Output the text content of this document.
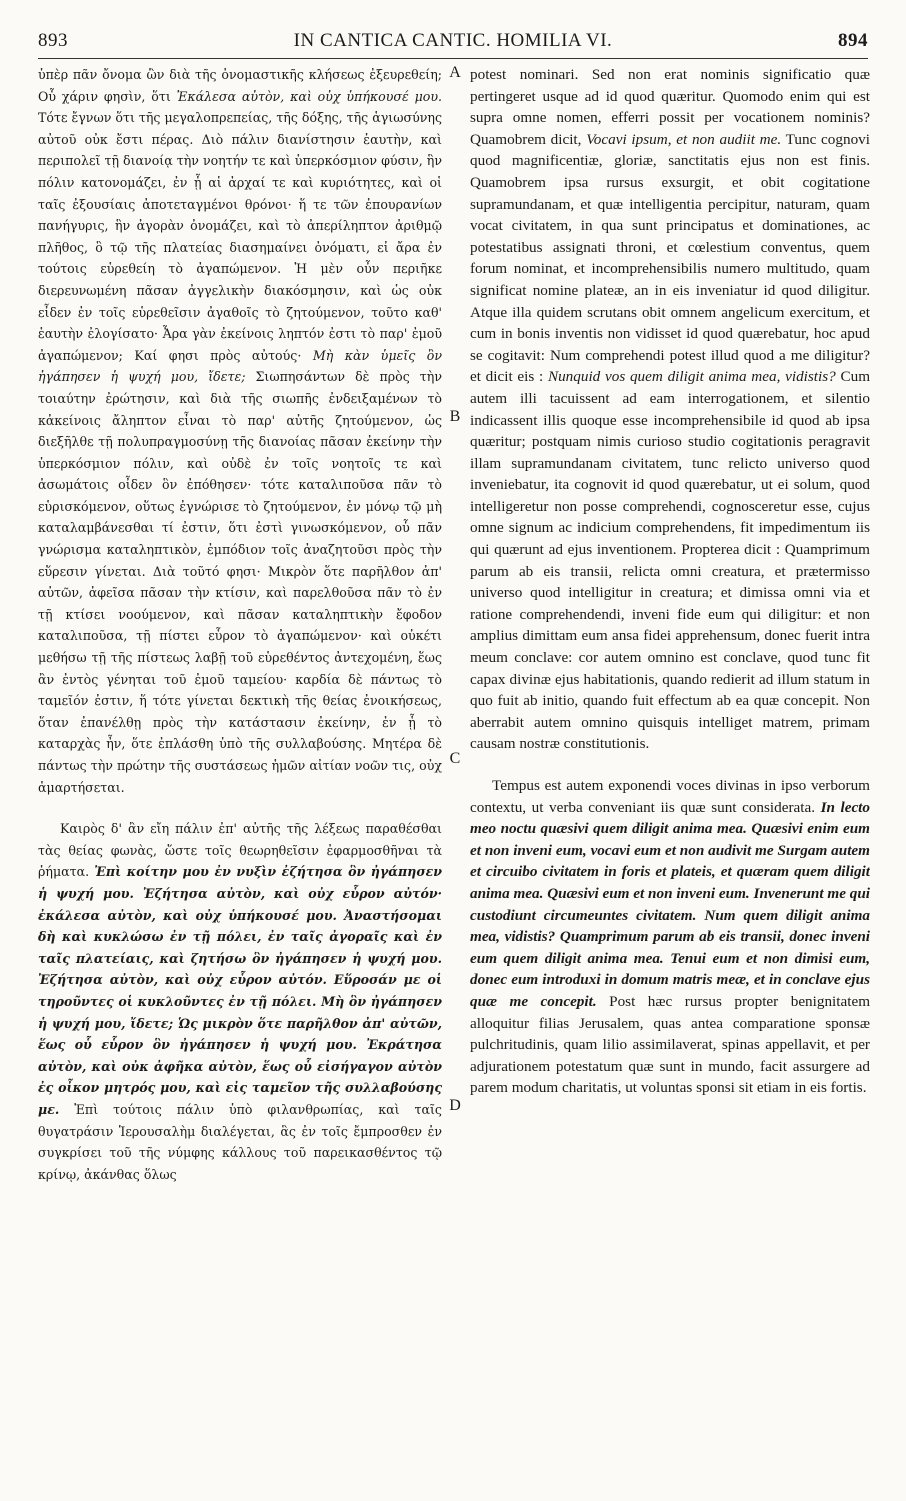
893	IN CANTICA CANTIC. HOMILIA VI.	894

ὑπὲρ πᾶν ὄνομα ὢν διὰ τῆς ὀνομαστικῆς κλήσεως ἐξευρεθείη; Οὗ χάριν φησὶν, ὅτι Ἐκάλεσα αὐτὸν, καὶ οὐχ ὑπήκουσέ μου. Τότε ἔγνων ὅτι τῆς μεγαλοπρεπείας, τῆς δόξης, τῆς ἁγιωσύνης αὐτοῦ οὐκ ἔστι πέρας. Διὸ πάλιν διανίστησιν ἑαυτὴν, καὶ περιπολεῖ τῇ διανοίᾳ τὴν νοητήν τε καὶ ὑπερκόσμιον φύσιν, ἣν πόλιν κατονομάζει, ἐν ᾗ αἱ ἀρχαί τε καὶ κυριότητες, καὶ οἱ ταῖς ἐξουσίαις ἀποτεταγμένοι θρόνοι· ἥ τε τῶν ἐπουρανίων πανήγυρις, ἣν ἀγορὰν ὀνομάζει, καὶ τὸ ἀπερίληπτον ἀριθμῷ πλῆθος, ὃ τῷ τῆς πλατείας διασημαίνει ὀνόματι, εἰ ἄρα ἐν τούτοις εὑρεθείη τὸ ἀγαπώμενον. Ἡ μὲν οὖν περιῆκε διερευνωμένη πᾶσαν ἀγγελικὴν διακόσμησιν, καὶ ὡς οὐκ εἶδεν ἐν τοῖς εὑρεθεῖσιν ἀγαθοῖς τὸ ζητούμενον, τοῦτο καθ' ἑαυτὴν ἐλογίσατο· Ἆρα γὰν ἐκείνοις ληπτόν ἐστι τὸ παρ' ἐμοῦ ἀγαπώμενον; Καί φησι πρὸς αὐτούς· Μὴ κὰν ὑμεῖς ὃν ἠγάπησεν ἡ ψυχή μου, ἴδετε; Σιωπησάντων δὲ πρὸς τὴν τοιαύτην ἐρώτησιν, καὶ διὰ τῆς σιωπῆς ἐνδειξαμένων τὸ κἀκείνοις ἄληπτον εἶναι τὸ παρ' αὐτῆς ζητούμενον, ὡς διεξῆλθε τῇ πολυπραγμοσύνῃ τῆς διανοίας πᾶσαν ἐκείνην τὴν ὑπερκόσμιον πόλιν, καὶ οὐδὲ ἐν τοῖς νοητοῖς τε καὶ ἀσωμάτοις οἶδεν ὃν ἐπόθησεν· τότε καταλιποῦσα πᾶν τὸ εὑρισκόμενον, οὕτως ἐγνώρισε τὸ ζητούμενον, ἐν μόνῳ τῷ μὴ καταλαμβάνεσθαι τί ἐστιν, ὅτι ἐστὶ γινωσκόμενον, οὗ πᾶν γνώρισμα καταληπτικὸν, ἐμπόδιον τοῖς ἀναζητοῦσι πρὸς τὴν εὕρεσιν γίνεται. Διὰ τοῦτό φησι· Μικρὸν ὅτε παρῆλθον ἀπ' αὐτῶν, ἀφεῖσα πᾶσαν τὴν κτίσιν, καὶ παρελθοῦσα πᾶν τὸ ἐν τῇ κτίσει νοούμενον, καὶ πᾶσαν καταληπτικὴν ἔφοδον καταλιποῦσα, τῇ πίστει εὗρον τὸ ἀγαπώμενον· καὶ οὐκέτι μεθήσω τῇ τῆς πίστεως λαβῇ τοῦ εὑρεθέντος ἀντεχομένη, ἕως ἂν ἐντὸς γένηται τοῦ ἐμοῦ ταμείου· καρδία δὲ πάντως τὸ ταμεῖόν ἐστιν, ἥ τότε γίνεται δεκτικὴ τῆς θείας ἐνοικήσεως, ὅταν ἐπανέλθῃ πρὸς τὴν κατάστασιν ἐκείνην, ἐν ᾗ τὸ καταρχὰς ἦν, ὅτε ἐπλάσθη ὑπὸ τῆς συλλαβούσης. Μητέρα δὲ πάντως τὴν πρώτην τῆς συστάσεως ἡμῶν αἰτίαν νοῶν τις, οὐχ ἁμαρτήσεται.

Καιρὸς δ' ἂν εἴη πάλιν ἐπ' αὐτῆς τῆς λέξεως παραθέσθαι τὰς θείας φωνὰς, ὥστε τοῖς θεωρηθεῖσιν ἐφαρμοσθῆναι τὰ ῥήματα. Ἐπὶ κοίτην μου ἐν νυξὶν ἐζήτησα ὃν ἠγάπησεν ἡ ψυχή μου. Ἐζήτησα αὐτὸν, καὶ οὐχ εὗρον αὐτόν· ἐκάλεσα αὐτὸν, καὶ οὐχ ὑπήκουσέ μου. Ἀναστήσομαι δὴ καὶ κυκλώσω ἐν τῇ πόλει, ἐν ταῖς ἀγοραῖς καὶ ἐν ταῖς πλατείαις, καὶ ζητήσω ὃν ἠγάπησεν ἡ ψυχή μου. Ἐζήτησα αὐτὸν, καὶ οὐχ εὗρον αὐτόν. Εὕροσάν με οἱ τηροῦντες οἱ κυκλοῦντες ἐν τῇ πόλει. Μὴ ὃν ἠγάπησεν ἡ ψυχή μου, ἴδετε; Ὡς μικρὸν ὅτε παρῆλθον ἀπ' αὐτῶν, ἕως οὗ εὗρον ὃν ἠγάπησεν ἡ ψυχή μου. Ἐκράτησα αὐτὸν, καὶ οὐκ ἀφῆκα αὐτὸν, ἕως οὗ εἰσήγαγον αὐτὸν ἐς οἶκον μητρός μου, καὶ εἰς ταμεῖον τῆς συλλαβούσης με. Ἐπὶ τούτοις πάλιν ὑπὸ φιλανθρωπίας, καὶ ταῖς θυγατράσιν Ἱερουσαλὴμ διαλέγεται, ἃς ἐν τοῖς ἔμπροσθεν ἐν συγκρίσει τοῦ τῆς νύμφης κάλλους τοῦ παρεικασθέντος τῷ κρίνῳ, ἀκάνθας ὅλως

A
B
C
D

potest nominari. Sed non erat nominis significatio quæ pertingeret usque ad id quod quæritur. Quomodo enim qui est supra omne nomen, efferri possit per vocationem nominis? Quamobrem dicit, Vocavi ipsum, et non audiit me. Tunc cognovi quod magnificentiæ, gloriæ, sanctitatis ejus non est finis. Quamobrem ipsa rursus exsurgit, et obit cogitatione supramundanam, et quæ intelligentia percipitur, naturam, quam vocat civitatem, in qua sunt principatus et dominationes, ac potestatibus assignati throni, et cœlestium conventus, quem forum nominat, et incomprehensibilis numero multitudo, quam significat nomine plateæ, an in eis inveniatur id quod diligitur. Atque illa quidem scrutans obit omnem angelicum exercitum, et cum in bonis inventis non vidisset id quod quærebatur, hoc apud se cogitavit: Num comprehendi potest illud quod a me diligitur? et dicit eis : Nunquid vos quem diligit anima mea, vidistis? Cum autem illi tacuissent ad eam interrogationem, et silentio indicassent illis quoque esse incomprehensibile id quod ab ipsa quæritur; postquam nimis curioso studio cogitationis peragravit illam supramundanam civitatem, tunc relicto universo quod inveniebatur, ita cognovit id quod quærebatur, ut ei solum, quod intelligeretur non posse comprehendi, cognosceretur esse, cujus omne signum ac indicium comprehendens, fit impedimentum iis qui quærunt ad ejus inventionem. Propterea dicit : Quamprimum parum ab eis transii, relicta omni creatura, et prætermisso universo quod intelligitur in creatura; et dimissa omni via et ratione comprehendendi, inveni fide eum qui diligitur: et non amplius dimittam eum ansa fidei apprehensum, donec fuerit intra meum conclave: cor autem omnino est conclave, quod tunc fit capax divinæ ejus habitationis, quando redierit ad illum statum in quo fuit ab initio, quando fuit effectum ab ea quæ concepit. Non aberrabit autem omnino quisquis intelliget matrem, primam causam nostræ constitutionis.

Tempus est autem exponendi voces divinas in ipso verborum contextu, ut verba conveniant iis quæ sunt considerata. In lecto meo noctu quæsivi quem diligit anima mea. Quæsivi enim eum et non inveni eum, vocavi eum et non audivit me Surgam autem et circuibo civitatem in foris et plateis, et quæram quem diligit anima mea. Quæsivi eum et non inveni eum. Invenerunt me qui custodiunt circumeuntes civitatem. Num quem diligit anima mea, vidistis? Quamprimum parum ab eis transii, donec inveni eum quem diligit anima mea. Tenui eum et non dimisi eum, donec eum introduxi in domum matris meæ, et in conclave ejus quæ me concepit. Post hæc rursus propter benignitatem alloquitur filias Jerusalem, quas antea comparatione sponsæ pulchritudinis, quam lilio assimilaverat, spinas appellavit, et per adjurationem potestatum quæ sunt in mundo, facit assurgere ad parem modum charitatis, ut voluntas sponsi sit etiam in eis fortis.
